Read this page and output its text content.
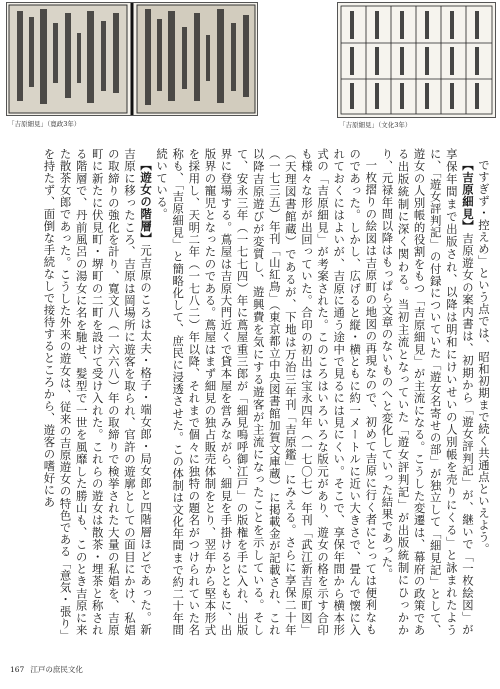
「吉原細見」（寛政3年）	「吉原細見」（文化3年）

ですぎず・控えめ」という点では、昭和初期まで続く共通点といえよう。

【吉原細見】吉原遊女の案内書は、初期から「遊女評判記」が、継いで「一枚絵図」が享保年間まで出版され、以降は明和にけいせいの人別帳を売りにくる」と詠まれたように、「遊女評判記」の付録についていた「遊女名寄せの部」が独立して「細見記」として、遊女の人別帳的役割をもつ「吉原細見」が主流になる。こうした変遷は、幕府の政策である出版統制に深く関わる。当初主流となっていた「遊女評判記」が出版統制にひっかかり、元禄年間以降はもっぱら文章のないものへと変化していった結果であった。

一枚摺りの絵図は吉原町の地図の再現なので、初めて吉原に行く者にとっては便利なものであった。しかし、広げると縦・横ともに約一メートルに近い大きさで、畳んで懐に入れておくにはよいが、吉原に通う途中で見るには見にくい。そこで、享保年間から横本形式の「吉原細見」が考案された。このころはいろいろな版元があり、遊女の格を示す合印も様々な形が出回っていた。合印の初出は宝永四年（一七〇七）年刊「武江新吉原町図」（天理図書館蔵）であるが、下地は万治三年刊「吉原鑑」にみえる。さらに享保二十年（一七三五）年刊「山紅鳥」（東京都立中央図書館加賀文庫蔵）に掲載金が記載され、これ以降吉原遊びが変質し、遊興費を気にする遊客が主流になったことを示している。そして、安永三年（一七七四）年に蔦屋重三郎が「細見嗚呼御江戸」の版権を手に入れ、出版界に登場する。蔦屋は吉原大門近くで貸本屋を営みながら、細見を手掛けるとともに、出版界の寵児となったのである。蔦屋はまず細見の独占販売体制をとり、翌年から堅本形式を採用し、天明二年（一七八二）年以降、それまで個々に独特の題名がつけられていた名称も、「吉原細見」と簡略化して、庶民に浸透させた。この体制は文化年間まで約二十年間続いている。

【遊女の階層】元吉原のころは太夫・格子・端女郎・局女郎と四階層ほどであった。新吉原に移ったころ、吉原は岡場所に遊客を取られ、官許の遊廓としての面目にかけ、私娼の取締りの強化を計り、寛文八（一六六八）年の取締りで検挙された大量の私娼を、吉原町に新たに伏見町・堺町の二町を設けて受け入れた。これらの遊女は散茶・埋茶と称される階層で、丹前風呂の湯女に名を馳せ、髪型で一世を風靡した勝山も、このとき吉原に来た散茶女郎であった。こうした外来の遊女は、従来の吉原遊女の特色である「意気・張り」を持たず、面倒な手続なしで接待するところから、遊客の嗜好にあ

167 江戸の庶民文化
